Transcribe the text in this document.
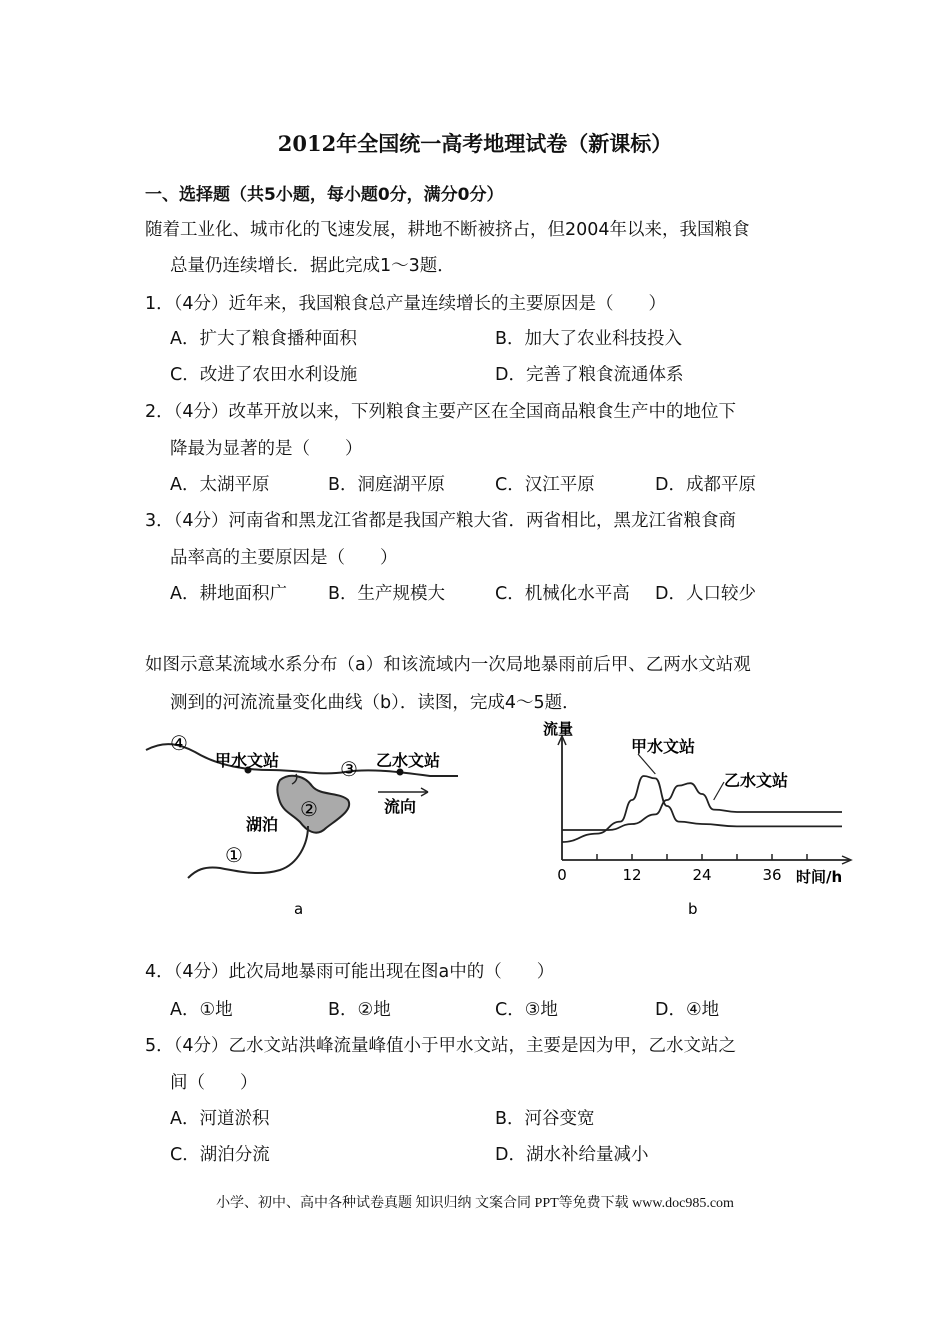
2012年全国统一高考地理试卷（新课标）
一、选择题（共5小题，每小题0分，满分0分）
随着工业化、城市化的飞速发展，耕地不断被挤占，但2004年以来，我国粮食
总量仍连续增长．据此完成1～3题．
1．（4分）近年来，我国粮食总产量连续增长的主要原因是（　　）
A．扩大了粮食播种面积	B．加大了农业科技投入
C．改进了农田水利设施	D．完善了粮食流通体系
2．（4分）改革开放以来，下列粮食主要产区在全国商品粮食生产中的地位下
降最为显著的是（　　）
A．太湖平原	B．洞庭湖平原	C．汉江平原	D．成都平原
3．（4分）河南省和黑龙江省都是我国产粮大省．两省相比，黑龙江省粮食商
品率高的主要原因是（　　）
A．耕地面积广 B．生产规模大	C．机械化水平高 D．人口较少
如图示意某流域水系分布（a）和该流域内一次局地暴雨前后甲、乙两水文站观
测到的河流流量变化曲线（b）．读图，完成4～5题．
甲水文站	乙水文站
湖泊
流向
④
②
③
①
a
0	12	24	36
流量
时间/h
甲水文站
乙水文站
b
4．（4分）此次局地暴雨可能出现在图a中的（　　）
A．①地	B．②地	C．③地	D．④地
5．（4分）乙水文站洪峰流量峰值小于甲水文站，主要是因为甲，乙水文站之
间（　　）
A．河道淤积	B．河谷变宽
C．湖泊分流	D．湖水补给量减小
小学、初中、高中各种试卷真题 知识归纳 文案合同 PPT等免费下载 www.doc985.com
